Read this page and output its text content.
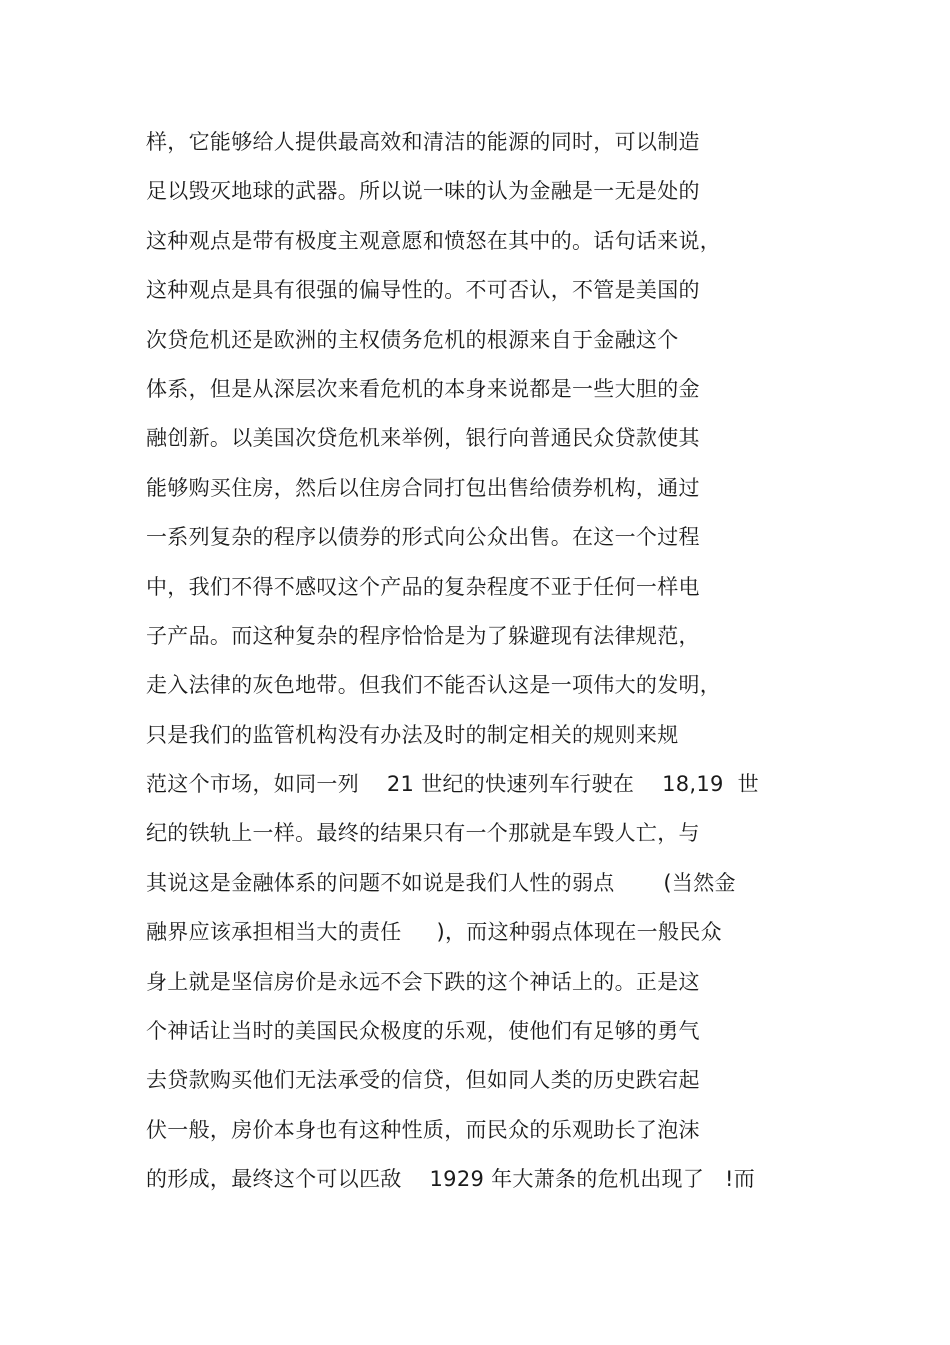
样，它能够给人提供最高效和清洁的能源的同时，可以制造
足以毁灭地球的武器。所以说一味的认为金融是一无是处的
这种观点是带有极度主观意愿和愤怒在其中的。话句话来说，
这种观点是具有很强的偏导性的。不可否认，不管是美国的
次贷危机还是欧洲的主权债务危机的根源来自于金融这个
体系，但是从深层次来看危机的本身来说都是一些大胆的金
融创新。以美国次贷危机来举例，银行向普通民众贷款使其
能够购买住房，然后以住房合同打包出售给债券机构，通过
一系列复杂的程序以债券的形式向公众出售。在这一个过程
中，我们不得不感叹这个产品的复杂程度不亚于任何一样电
子产品。而这种复杂的程序恰恰是为了躲避现有法律规范，
走入法律的灰色地带。但我们不能否认这是一项伟大的发明，
只是我们的监管机构没有办法及时的制定相关的规则来规
范这个市场，如同一列    21 世纪的快速列车行驶在    18,19  世
纪的铁轨上一样。最终的结果只有一个那就是车毁人亡，与
其说这是金融体系的问题不如说是我们人性的弱点       (当然金
融界应该承担相当大的责任     )，而这种弱点体现在一般民众
身上就是坚信房价是永远不会下跌的这个神话上的。正是这
个神话让当时的美国民众极度的乐观，使他们有足够的勇气
去贷款购买他们无法承受的信贷，但如同人类的历史跌宕起
伏一般，房价本身也有这种性质，而民众的乐观助长了泡沫
的形成，最终这个可以匹敌    1929 年大萧条的危机出现了   !而
